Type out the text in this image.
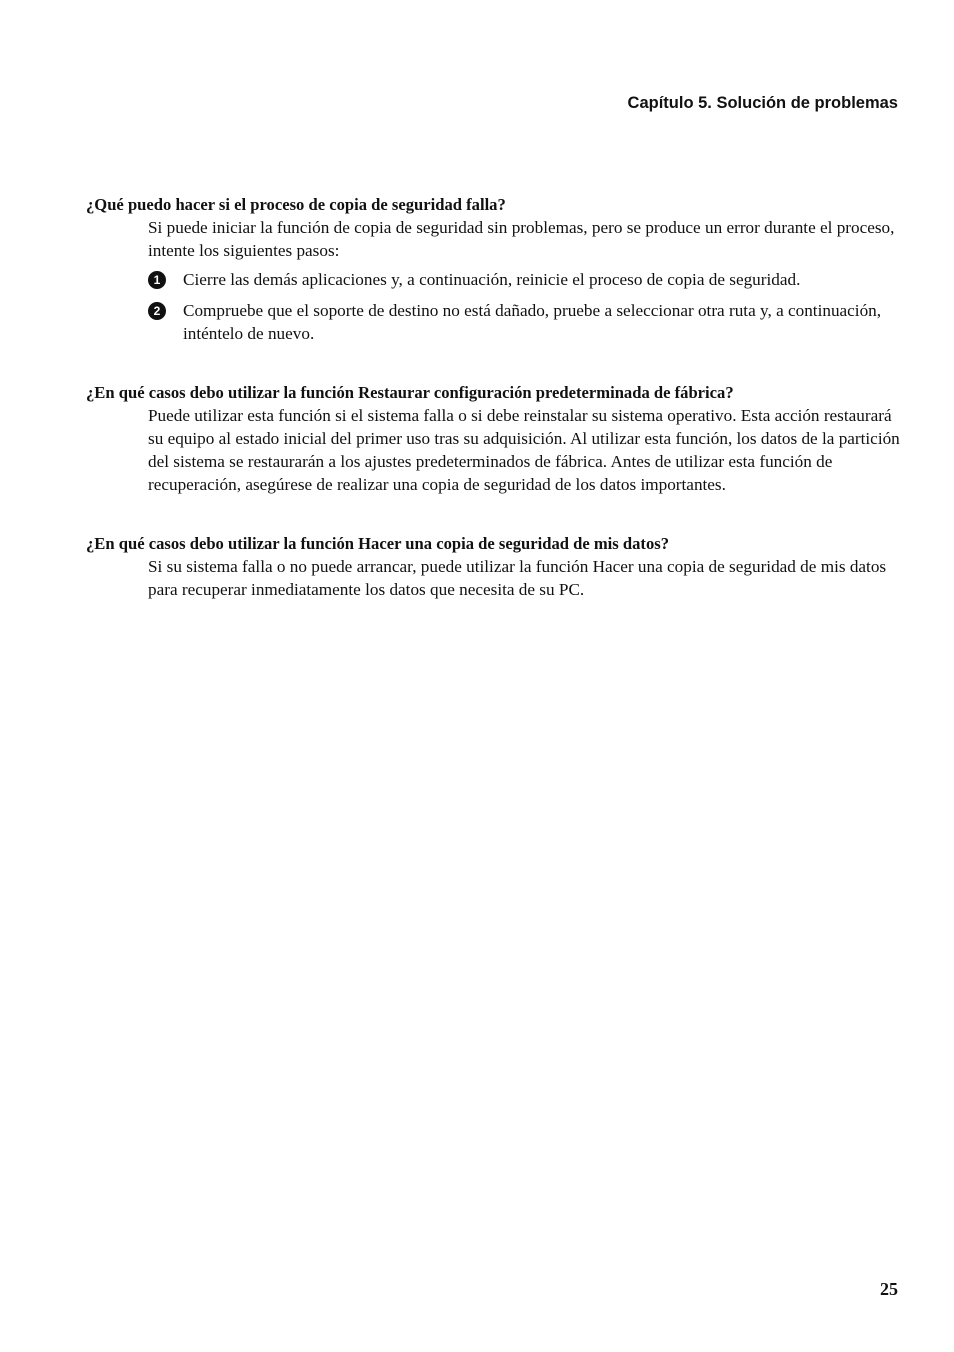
Capítulo 5. Solución de problemas

¿Qué puedo hacer si el proceso de copia de seguridad falla?

Si puede iniciar la función de copia de seguridad sin problemas, pero se produce un error durante el proceso, intente los siguientes pasos:

1	Cierre las demás aplicaciones y, a continuación, reinicie el proceso de copia de seguridad.
2	Compruebe que el soporte de destino no está dañado, pruebe a seleccionar otra ruta y, a continuación, inténtelo de nuevo.

¿En qué casos debo utilizar la función Restaurar configuración predeterminada de fábrica?

Puede utilizar esta función si el sistema falla o si debe reinstalar su sistema operativo. Esta acción restaurará su equipo al estado inicial del primer uso tras su adquisición. Al utilizar esta función, los datos de la partición del sistema se restaurarán a los ajustes predeterminados de fábrica. Antes de utilizar esta función de recuperación, asegúrese de realizar una copia de seguridad de los datos importantes.

¿En qué casos debo utilizar la función Hacer una copia de seguridad de mis datos?

Si su sistema falla o no puede arrancar, puede utilizar la función Hacer una copia de seguridad de mis datos para recuperar inmediatamente los datos que necesita de su PC.

25
